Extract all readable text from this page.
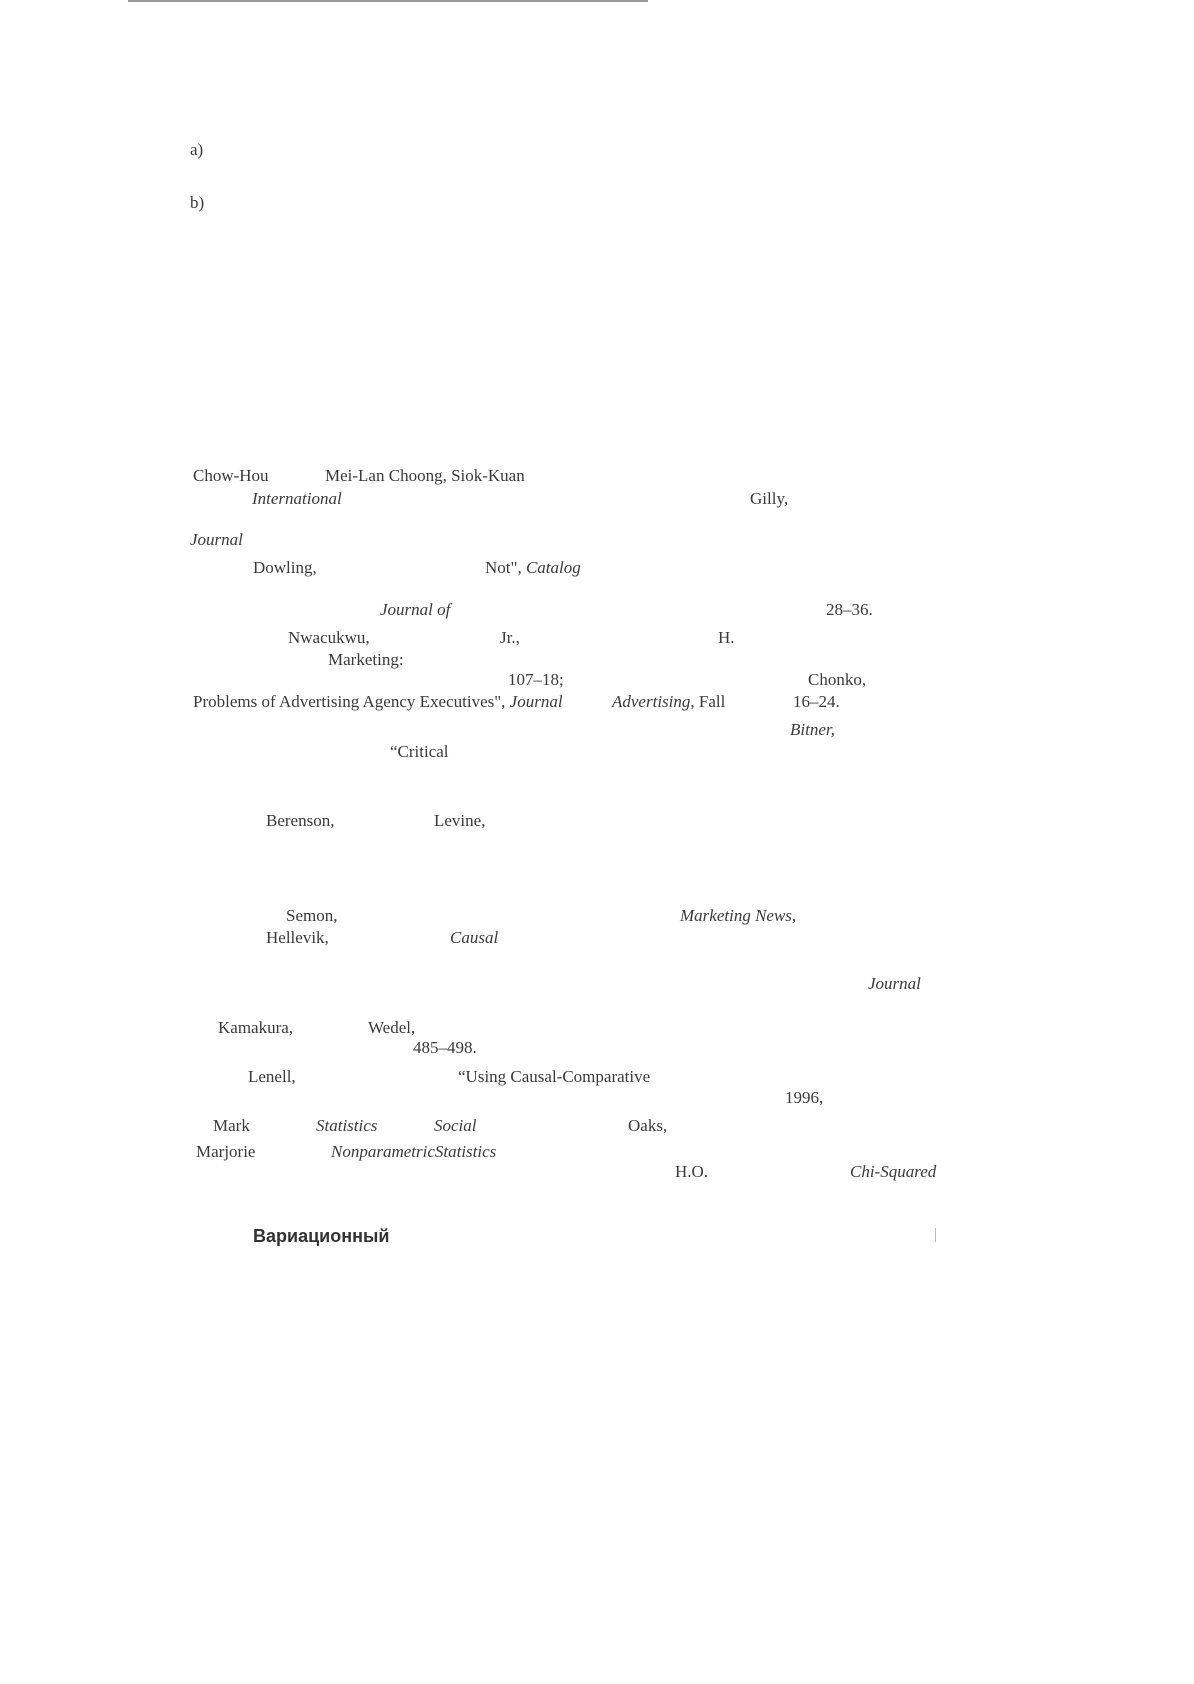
a)
b)
Chow-Hou	Mei-Lan Choong, Siok-Kuan
International	Gilly,
Journal
Dowling,	Not", Catalog
Journal of	28–36.
Nwacukwu,	Jr.,	H.
Marketing:
107–18;	Chonko,
Problems of Advertising Agency Executives", Journal	Advertising, Fall	16–24.
Bitner,
“Critical
Berenson,	Levine,
Semon,	Marketing News,
Hellevik,	Causal
Journal
Kamakura,	Wedel,
485–498.
Lenell,	“Using Causal-Comparative
1996,
Mark	Statistics	Social	Oaks,
Marjorie	NonparametricStatistics
H.O.	Chi-Squared
Вариационный
